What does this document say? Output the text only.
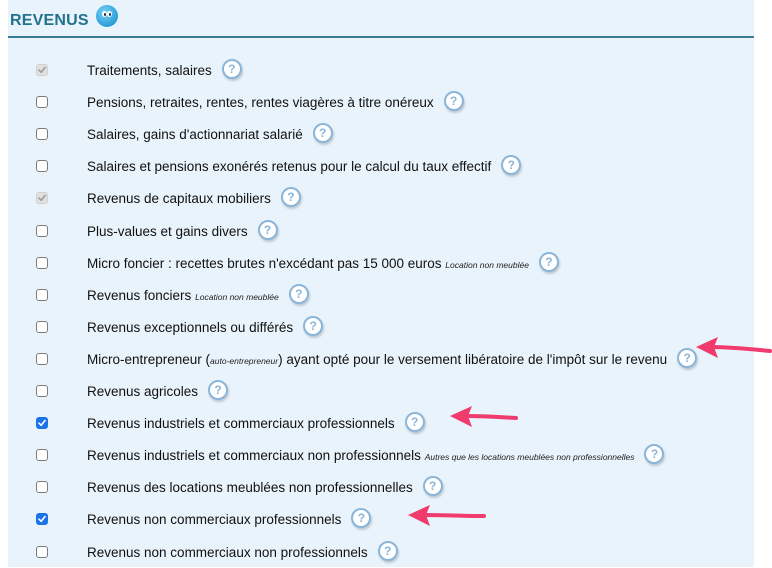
REVENUS
Traitements, salaires ?
Pensions, retraites, rentes, rentes viagères à titre onéreux ?
Salaires, gains d'actionnariat salarié ?
Salaires et pensions exonérés retenus pour le calcul du taux effectif ?
Revenus de capitaux mobiliers ?
Plus-values et gains divers ?
Micro foncier : recettes brutes n'excédant pas 15 000 euros Location non meublée ?
Revenus fonciers Location non meublée ?
Revenus exceptionnels ou différés ?
Micro-entrepreneur (auto-entrepreneur) ayant opté pour le versement libératoire de l'impôt sur le revenu ?
Revenus agricoles ?
Revenus industriels et commerciaux professionnels ?
Revenus industriels et commerciaux non professionnels Autres que les locations meublées non professionnelles ?
Revenus des locations meublées non professionnelles ?
Revenus non commerciaux professionnels ?
Revenus non commerciaux non professionnels ?
